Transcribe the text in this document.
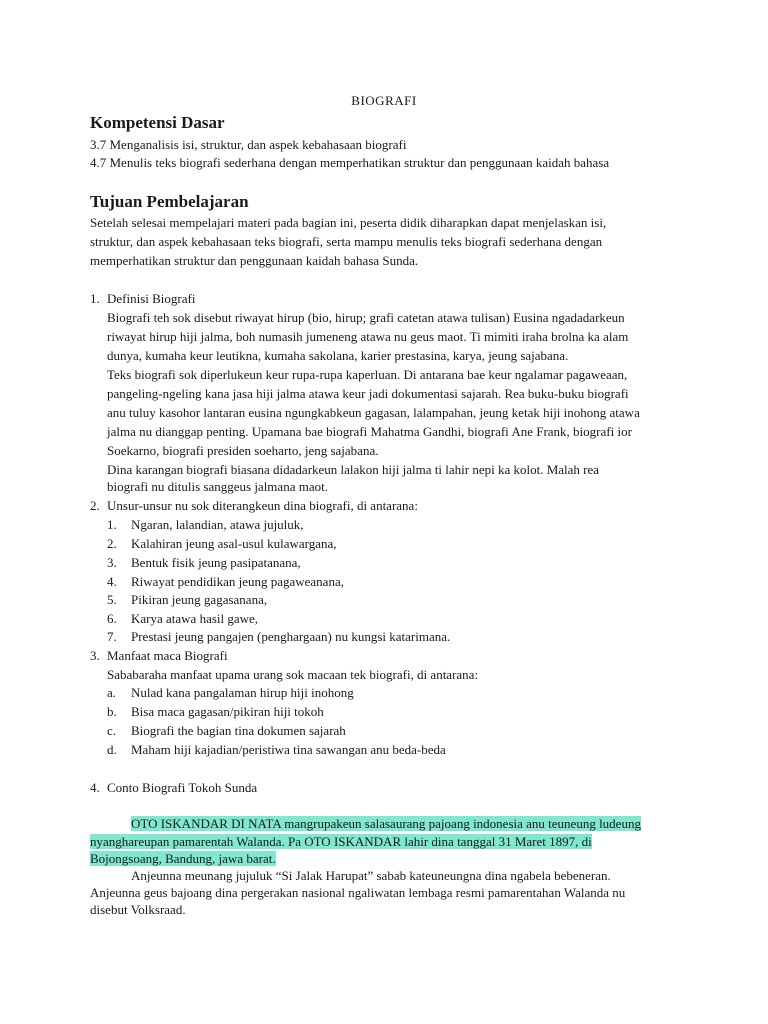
BIOGRAFI
Kompetensi Dasar
3.7 Menganalisis isi, struktur, dan aspek kebahasaan biografi
4.7 Menulis teks biografi sederhana dengan memperhatikan struktur dan penggunaan kaidah bahasa
Tujuan Pembelajaran
Setelah selesai mempelajari materi pada bagian ini, peserta didik diharapkan dapat menjelaskan isi,
struktur, dan aspek kebahasaan teks biografi, serta mampu menulis teks biografi sederhana dengan
memperhatikan struktur dan penggunaan kaidah bahasa Sunda.
1. Definisi Biografi
Biografi teh sok disebut riwayat hirup (bio, hirup; grafi catetan atawa tulisan) Eusina ngadadarkeun
riwayat hirup hiji jalma, boh numasih jumeneng atawa nu geus maot. Ti mimiti iraha brolna ka alam
dunya, kumaha keur leutikna, kumaha sakolana, karier prestasina, karya, jeung sajabana.
Teks biografi sok diperlukeun keur rupa-rupa kaperluan. Di antarana bae keur ngalamar pagaweaan,
pangeling-ngeling kana jasa hiji jalma atawa keur jadi dokumentasi sajarah. Rea buku-buku biografi
anu tuluy kasohor lantaran eusina ngungkabkeun gagasan, lalampahan, jeung ketak hiji inohong atawa
jalma nu dianggap penting. Upamana bae biografi Mahatma Gandhi, biografi Ane Frank, biografi ior
Soekarno, biografi presiden soeharto, jeng sajabana.
Dina karangan biografi biasana didadarkeun lalakon hiji jalma ti lahir nepi ka kolot. Malah rea
biografi nu ditulis sanggeus jalmana maot.
2. Unsur-unsur nu sok diterangkeun dina biografi, di antarana:
1. Ngaran, lalandian, atawa jujuluk,
2. Kalahiran jeung asal-usul kulawargana,
3. Bentuk fisik jeung pasipatanana,
4. Riwayat pendidikan jeung pagaweanana,
5. Pikiran jeung gagasanana,
6. Karya atawa hasil gawe,
7. Prestasi jeung pangajen (penghargaan) nu kungsi katarimana.
3. Manfaat maca Biografi
Sababaraha manfaat upama urang sok macaan tek biografi, di antarana:
a. Nulad kana pangalaman hirup hiji inohong
b. Bisa maca gagasan/pikiran hiji tokoh
c. Biografi the bagian tina dokumen sajarah
d. Maham hiji kajadian/peristiwa tina sawangan anu beda-beda
4. Conto Biografi Tokoh Sunda
OTO ISKANDAR DI NATA mangrupakeun salasaurang pajoang indonesia anu teuneung ludeung
nyanghareupan pamarentah Walanda. Pa OTO ISKANDAR lahir dina tanggal 31 Maret 1897, di
Bojongsoang, Bandung, jawa barat.
Anjeunna meunang jujuluk “Si Jalak Harupat” sabab kateuneungna dina ngabela bebeneran.
Anjeunna geus bajoang dina pergerakan nasional ngaliwatan lembaga resmi pamarentahan Walanda nu
disebut Volksraad.
